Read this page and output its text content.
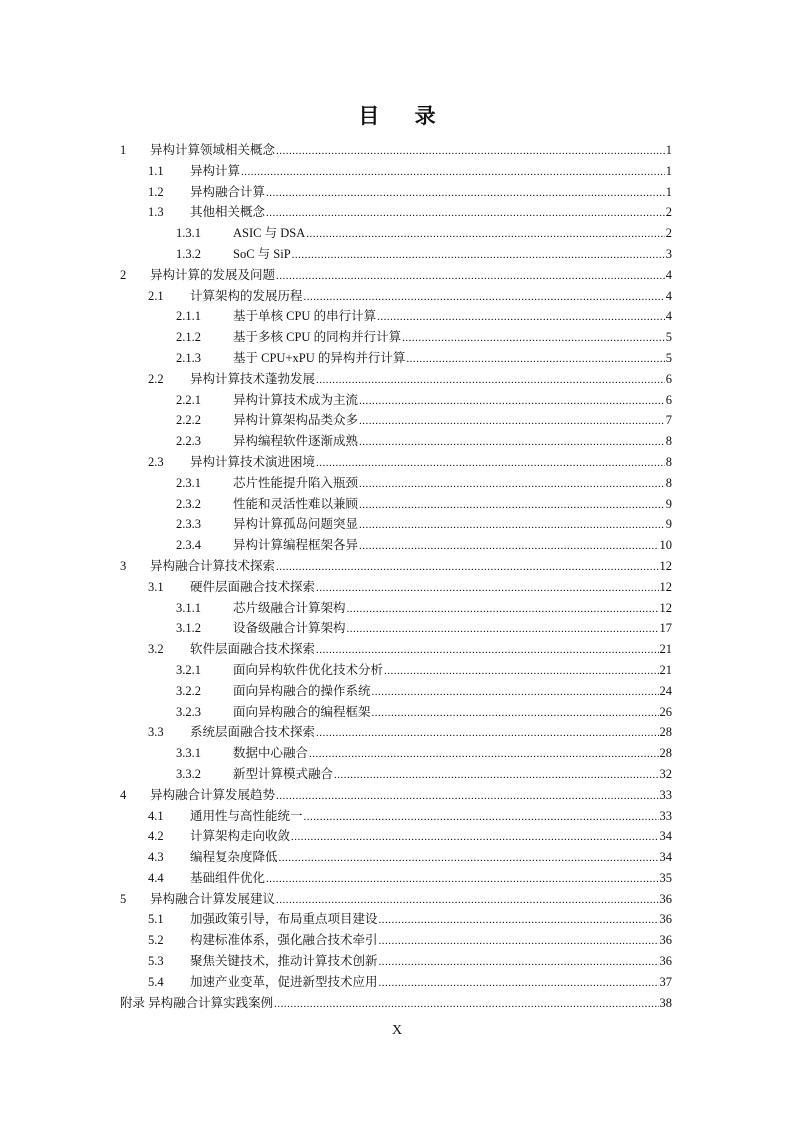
目 录
1	异构计算领域相关概念 .....	1
1.1	异构计算 .....	1
1.2	异构融合计算 .....	1
1.3	其他相关概念 .....	2
1.3.1	ASIC 与 DSA .....	2
1.3.2	SoC 与 SiP .....	3
2	异构计算的发展及问题 .....	4
2.1	计算架构的发展历程 .....	4
2.1.1	基于单核 CPU 的串行计算 .....	4
2.1.2	基于多核 CPU 的同构并行计算 .....	5
2.1.3	基于 CPU+xPU 的异构并行计算 .....	5
2.2	异构计算技术蓬勃发展 .....	6
2.2.1	异构计算技术成为主流 .....	6
2.2.2	异构计算架构品类众多 .....	7
2.2.3	异构编程软件逐渐成熟 .....	8
2.3	异构计算技术演进困境 .....	8
2.3.1	芯片性能提升陷入瓶颈 .....	8
2.3.2	性能和灵活性难以兼顾 .....	9
2.3.3	异构计算孤岛问题突显 .....	9
2.3.4	异构计算编程框架各异 .....	10
3	异构融合计算技术探索 .....	12
3.1	硬件层面融合技术探索 .....	12
3.1.1	芯片级融合计算架构 .....	12
3.1.2	设备级融合计算架构 .....	17
3.2	软件层面融合技术探索 .....	21
3.2.1	面向异构软件优化技术分析 .....	21
3.2.2	面向异构融合的操作系统 .....	24
3.2.3	面向异构融合的编程框架 .....	26
3.3	系统层面融合技术探索 .....	28
3.3.1	数据中心融合 .....	28
3.3.2	新型计算模式融合 .....	32
4	异构融合计算发展趋势 .....	33
4.1	通用性与高性能统一 .....	33
4.2	计算架构走向收敛 .....	34
4.3	编程复杂度降低 .....	34
4.4	基础组件优化 .....	35
5	异构融合计算发展建议 .....	36
5.1	加强政策引导，布局重点项目建设 .....	36
5.2	构建标准体系，强化融合技术牵引 .....	36
5.3	聚焦关键技术，推动计算技术创新 .....	36
5.4	加速产业变革，促进新型技术应用 .....	37
附录 异构融合计算实践案例 .....	38

X
